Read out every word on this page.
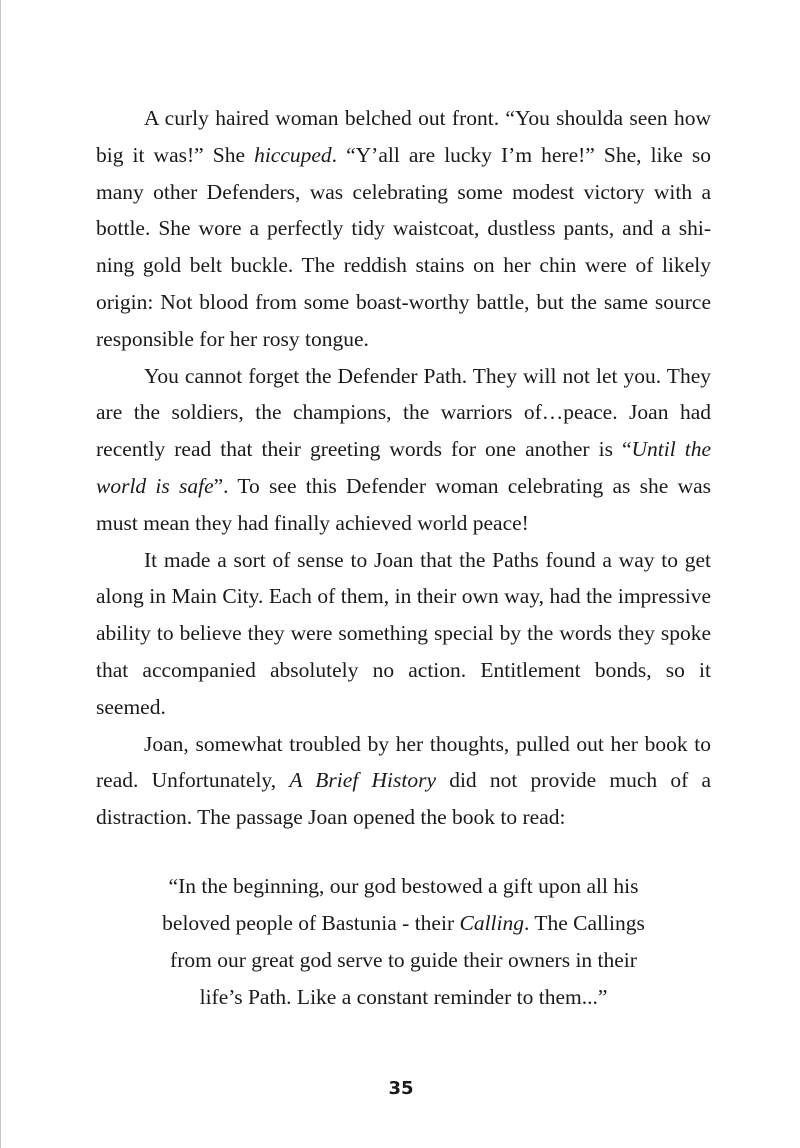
A curly haired woman belched out front. “You shoulda seen how big it was!” She hiccuped. “Y’all are lucky I’m here!” She, like so many other Defenders, was celebrating some modest victory with a bottle. She wore a perfectly tidy waistcoat, dustless pants, and a shining gold belt buckle. The reddish stains on her chin were of likely origin: Not blood from some boast-worthy battle, but the same source responsible for her rosy tongue.

You cannot forget the Defender Path. They will not let you. They are the soldiers, the champions, the warriors of…peace. Joan had recently read that their greeting words for one another is “Until the world is safe”. To see this Defender woman celebrating as she was must mean they had finally achieved world peace!

It made a sort of sense to Joan that the Paths found a way to get along in Main City. Each of them, in their own way, had the impressive ability to believe they were something special by the words they spoke that accompanied absolutely no action. Entitlement bonds, so it seemed.

Joan, somewhat troubled by her thoughts, pulled out her book to read. Unfortunately, A Brief History did not provide much of a distraction. The passage Joan opened the book to read:

“In the beginning, our god bestowed a gift upon all his

beloved people of Bastunia - their Calling. The Callings

from our great god serve to guide their owners in their

life’s Path. Like a constant reminder to them...”

35
